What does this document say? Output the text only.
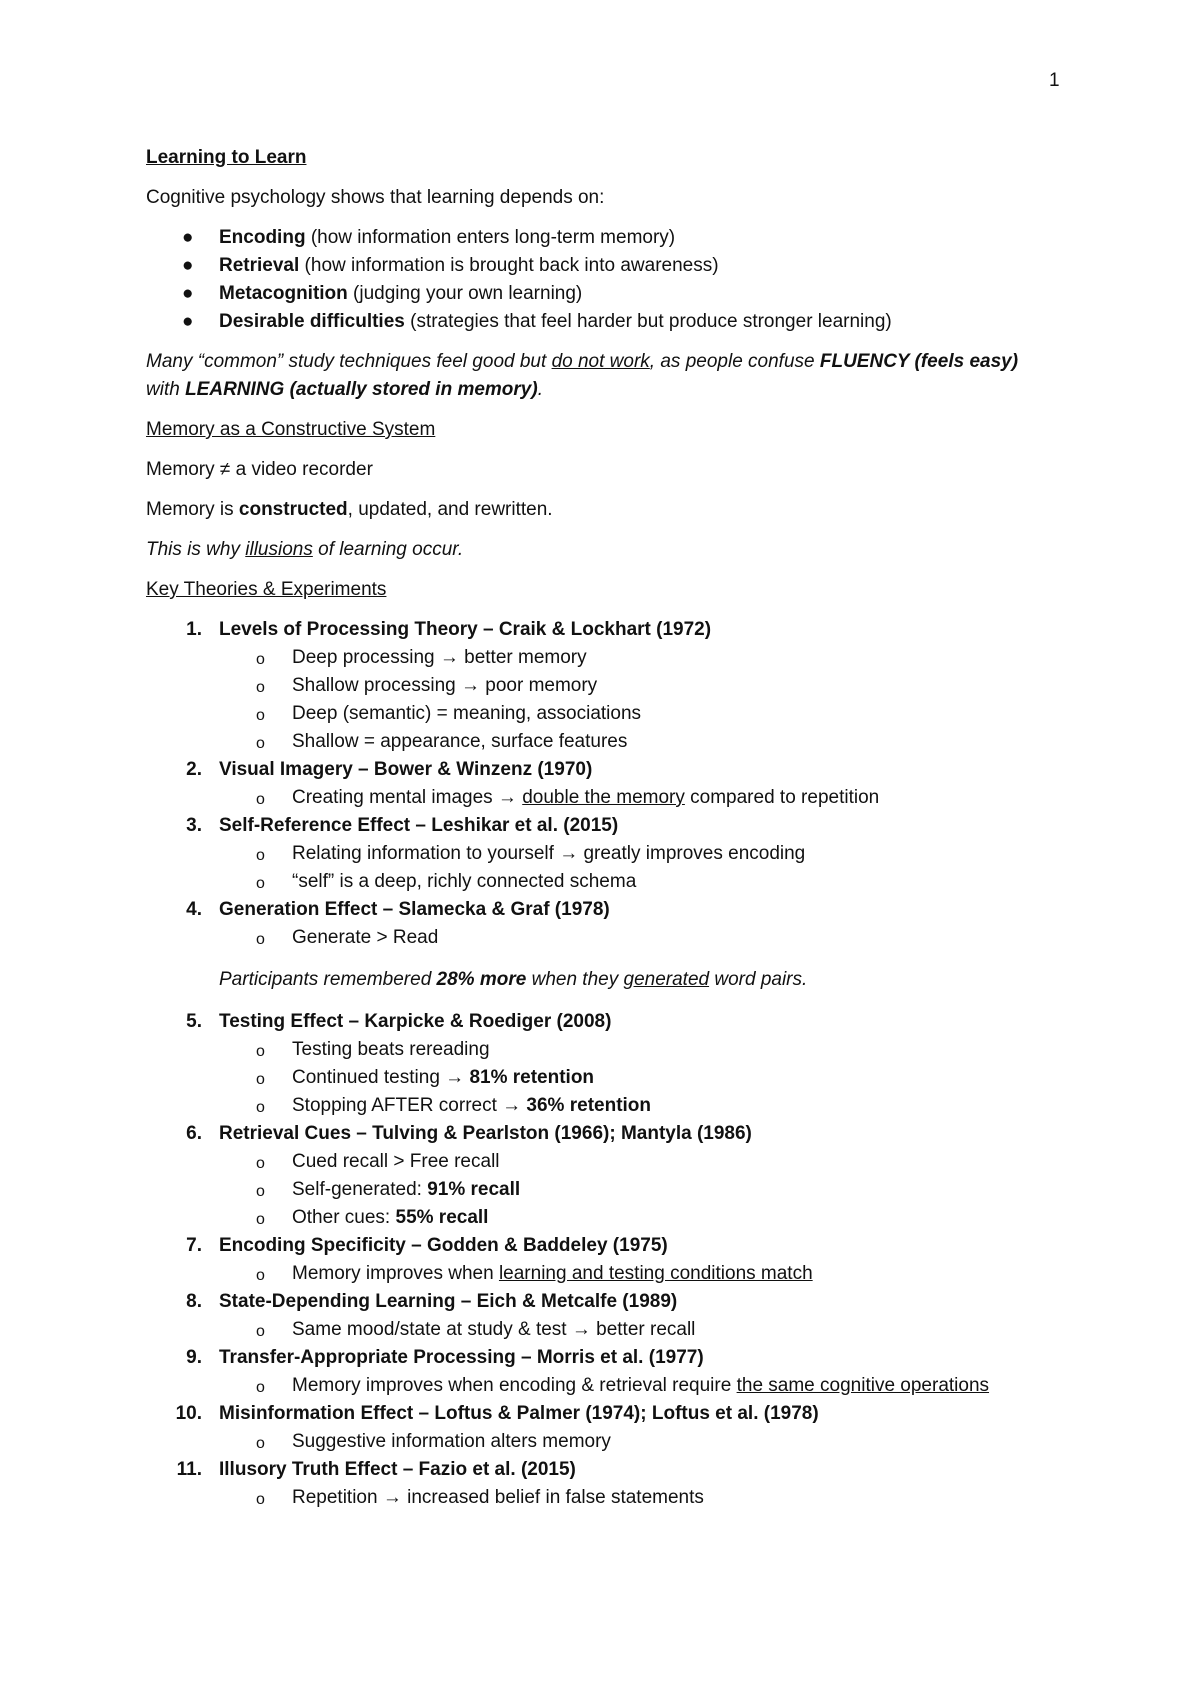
1

Learning to Learn

Cognitive psychology shows that learning depends on:

● Encoding (how information enters long-term memory)
● Retrieval (how information is brought back into awareness)
● Metacognition (judging your own learning)
● Desirable difficulties (strategies that feel harder but produce stronger learning)

Many “common” study techniques feel good but do not work, as people confuse FLUENCY (feels easy) with LEARNING (actually stored in memory).

Memory as a Constructive System

Memory ≠ a video recorder

Memory is constructed, updated, and rewritten.

This is why illusions of learning occur.

Key Theories & Experiments

1. Levels of Processing Theory – Craik & Lockhart (1972)
o Deep processing → better memory
o Shallow processing → poor memory
o Deep (semantic) = meaning, associations
o Shallow = appearance, surface features
2. Visual Imagery – Bower & Winzenz (1970)
o Creating mental images → double the memory compared to repetition
3. Self-Reference Effect – Leshikar et al. (2015)
o Relating information to yourself → greatly improves encoding
o “self” is a deep, richly connected schema
4. Generation Effect – Slamecka & Graf (1978)
o Generate > Read
Participants remembered 28% more when they generated word pairs.
5. Testing Effect – Karpicke & Roediger (2008)
o Testing beats rereading
o Continued testing → 81% retention
o Stopping AFTER correct → 36% retention
6. Retrieval Cues – Tulving & Pearlston (1966); Mantyla (1986)
o Cued recall > Free recall
o Self-generated: 91% recall
o Other cues: 55% recall
7. Encoding Specificity – Godden & Baddeley (1975)
o Memory improves when learning and testing conditions match
8. State-Depending Learning – Eich & Metcalfe (1989)
o Same mood/state at study & test → better recall
9. Transfer-Appropriate Processing – Morris et al. (1977)
o Memory improves when encoding & retrieval require the same cognitive operations
10. Misinformation Effect – Loftus & Palmer (1974); Loftus et al. (1978)
o Suggestive information alters memory
11. Illusory Truth Effect – Fazio et al. (2015)
o Repetition → increased belief in false statements
